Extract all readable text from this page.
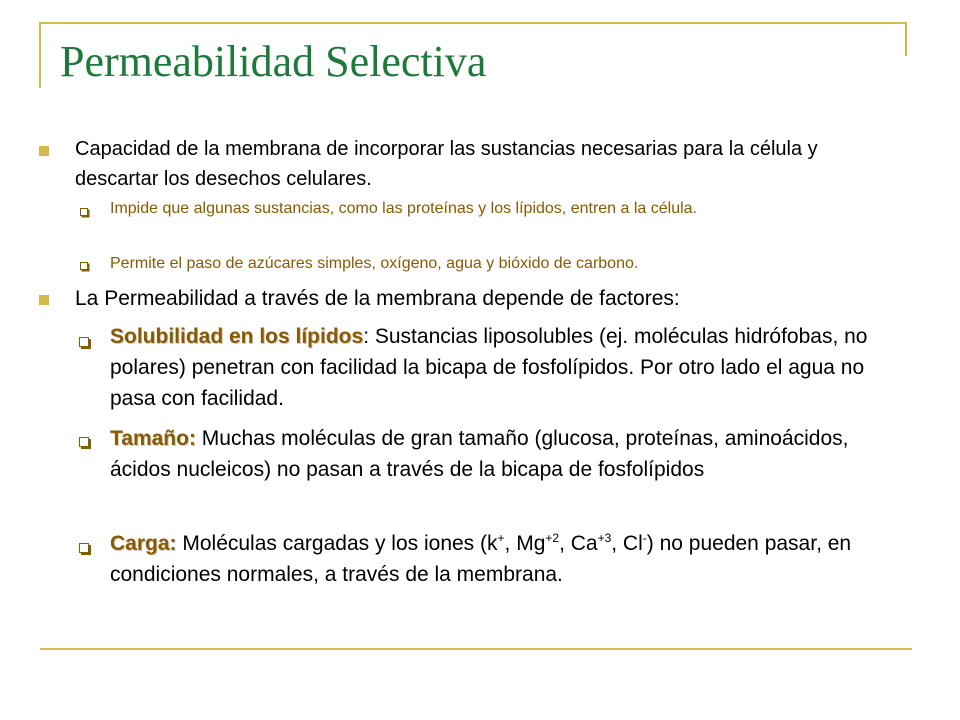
Permeabilidad Selectiva
Capacidad de la membrana de incorporar las sustancias necesarias para la célula y descartar los desechos celulares.
Impide que algunas sustancias, como las proteínas y los lípidos, entren a la célula.
Permite el paso de azúcares simples, oxígeno, agua y bióxido de carbono.
La Permeabilidad a través de la membrana depende de factores:
Solubilidad en los lípidos: Sustancias liposolubles (ej. moléculas hidrófobas, no polares) penetran con facilidad la bicapa de fosfolípidos. Por otro lado el agua no pasa con facilidad.
Tamaño: Muchas moléculas de gran tamaño (glucosa, proteínas, aminoácidos, ácidos nucleicos) no pasan a través de la bicapa de fosfolípidos
Carga: Moléculas cargadas y los iones (k+, $Mg^{+2}$, $Ca^{+3}$, Cl-) no pueden pasar, en condiciones normales, a través de la membrana.
